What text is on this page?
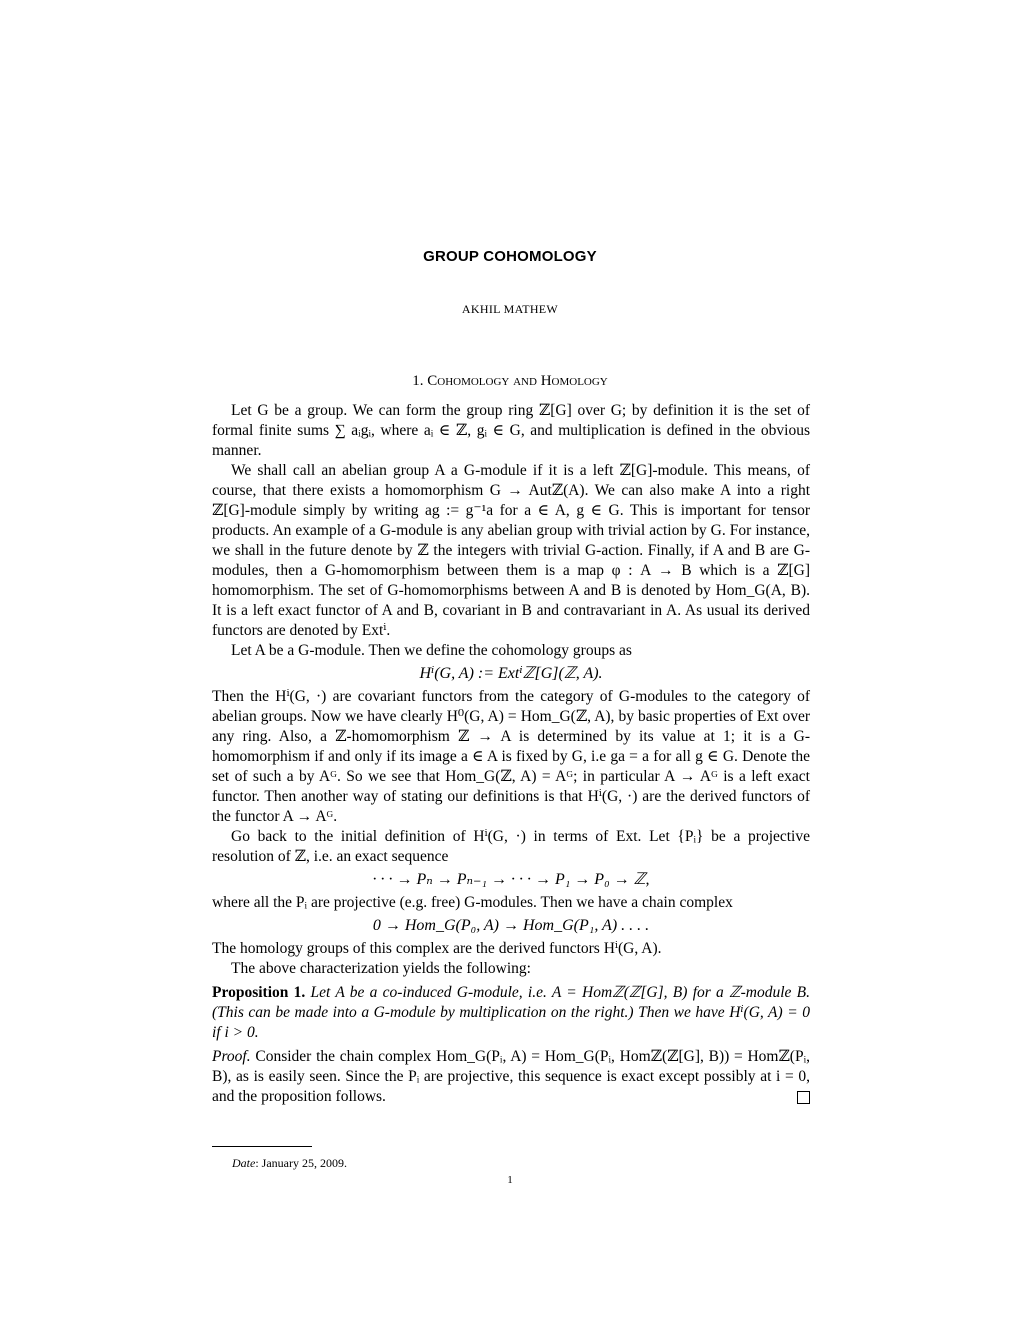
GROUP COHOMOLOGY
AKHIL MATHEW
1. Cohomology and Homology

Let G be a group. We can form the group ring ℤ[G] over G; by definition it is the set of formal finite sums ∑ aᵢgᵢ, where aᵢ ∈ ℤ, gᵢ ∈ G, and multiplication is defined in the obvious manner.

We shall call an abelian group A a G-module if it is a left ℤ[G]-module. This means, of course, that there exists a homomorphism G → Autℤ(A). We can also make A into a right ℤ[G]-module simply by writing ag := g⁻¹a for a ∈ A, g ∈ G. This is important for tensor products. An example of a G-module is any abelian group with trivial action by G. For instance, we shall in the future denote by ℤ the integers with trivial G-action. Finally, if A and B are G-modules, then a G-homomorphism between them is a map φ : A → B which is a ℤ[G] homomorphism. The set of G-homomorphisms between A and B is denoted by Hom_G(A, B). It is a left exact functor of A and B, covariant in B and contravariant in A. As usual its derived functors are denoted by Extⁱ.

Let A be a G-module. Then we define the cohomology groups as

Hⁱ(G, A) := Extⁱℤ[G](ℤ, A).

Then the Hⁱ(G, ·) are covariant functors from the category of G-modules to the category of abelian groups. Now we have clearly H⁰(G, A) = Hom_G(ℤ, A), by basic properties of Ext over any ring. Also, a ℤ-homomorphism ℤ → A is determined by its value at 1; it is a G-homomorphism if and only if its image a ∈ A is fixed by G, i.e ga = a for all g ∈ G. Denote the set of such a by Aᴳ. So we see that Hom_G(ℤ, A) = Aᴳ; in particular A → Aᴳ is a left exact functor. Then another way of stating our definitions is that Hⁱ(G, ·) are the derived functors of the functor A → Aᴳ.

Go back to the initial definition of Hⁱ(G, ·) in terms of Ext. Let {Pᵢ} be a projective resolution of ℤ, i.e. an exact sequence

· · · → Pₙ → Pₙ₋₁ → · · · → P₁ → P₀ → ℤ,

where all the Pᵢ are projective (e.g. free) G-modules. Then we have a chain complex

0 → Hom_G(P₀, A) → Hom_G(P₁, A) . . . .

The homology groups of this complex are the derived functors Hⁱ(G, A).

The above characterization yields the following:

Proposition 1. Let A be a co-induced G-module, i.e. A = Homℤ(ℤ[G], B) for a ℤ-module B. (This can be made into a G-module by multiplication on the right.) Then we have Hⁱ(G, A) = 0 if i > 0.

Proof. Consider the chain complex Hom_G(Pᵢ, A) = Hom_G(Pᵢ, Homℤ(ℤ[G], B)) = Homℤ(Pᵢ, B), as is easily seen. Since the Pᵢ are projective, this sequence is exact except possibly at i = 0, and the proposition follows.

Date: January 25, 2009.
1
